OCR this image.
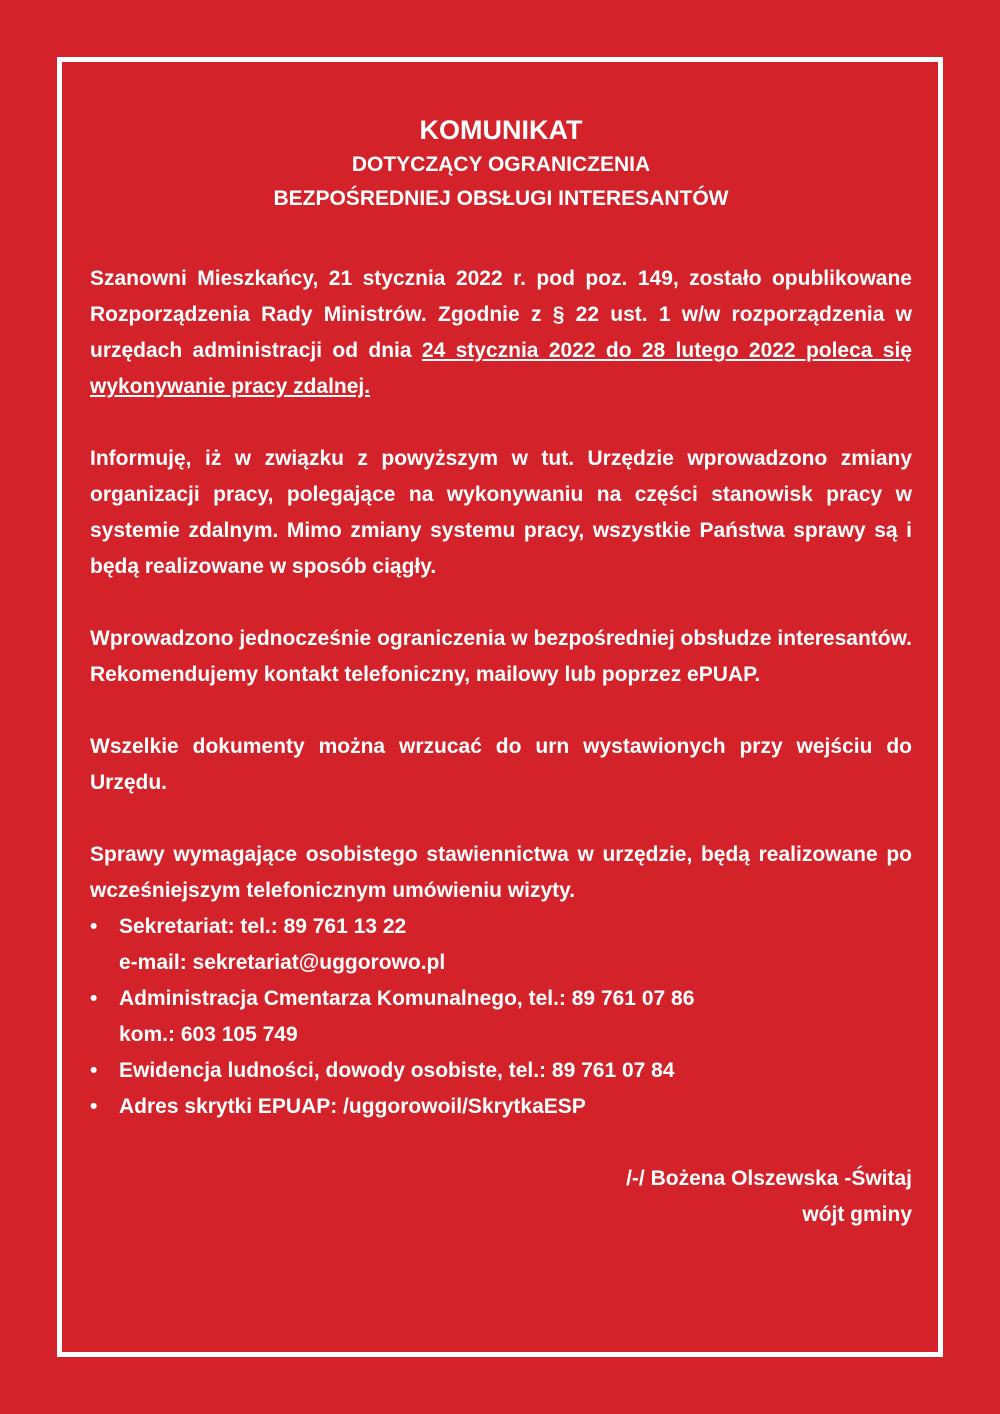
KOMUNIKAT
DOTYCZĄCY OGRANICZENIA
BEZPOŚREDNIEJ OBSŁUGI INTERESANTÓW

Szanowni Mieszkańcy, 21 stycznia 2022 r. pod poz. 149, zostało opublikowane Rozporządzenia Rady Ministrów. Zgodnie z § 22 ust. 1 w/w rozporządzenia w urzędach administracji od dnia 24 stycznia 2022 do 28 lutego 2022 poleca się wykonywanie pracy zdalnej.

Informuję, iż w związku z powyższym w tut. Urzędzie wprowadzono zmiany organizacji pracy, polegające na wykonywaniu na części stanowisk pracy w systemie zdalnym. Mimo zmiany systemu pracy, wszystkie Państwa sprawy są i będą realizowane w sposób ciągły.

Wprowadzono jednocześnie ograniczenia w bezpośredniej obsłudze interesantów. Rekomendujemy kontakt telefoniczny, mailowy lub poprzez ePUAP.

Wszelkie dokumenty można wrzucać do urn wystawionych przy wejściu do Urzędu.

Sprawy wymagające osobistego stawiennictwa w urzędzie, będą realizowane po wcześniejszym telefonicznym umówieniu wizyty.

• Sekretariat: tel.: 89 761 13 22
e-mail: sekretariat@uggorowo.pl
• Administracja Cmentarza Komunalnego, tel.: 89 761 07 86
kom.: 603 105 749
• Ewidencja ludności, dowody osobiste, tel.: 89 761 07 84
• Adres skrytki EPUAP: /uggorowoil/SkrytkaESP
/-/ Bożena Olszewska -Świtaj
wójt gminy
